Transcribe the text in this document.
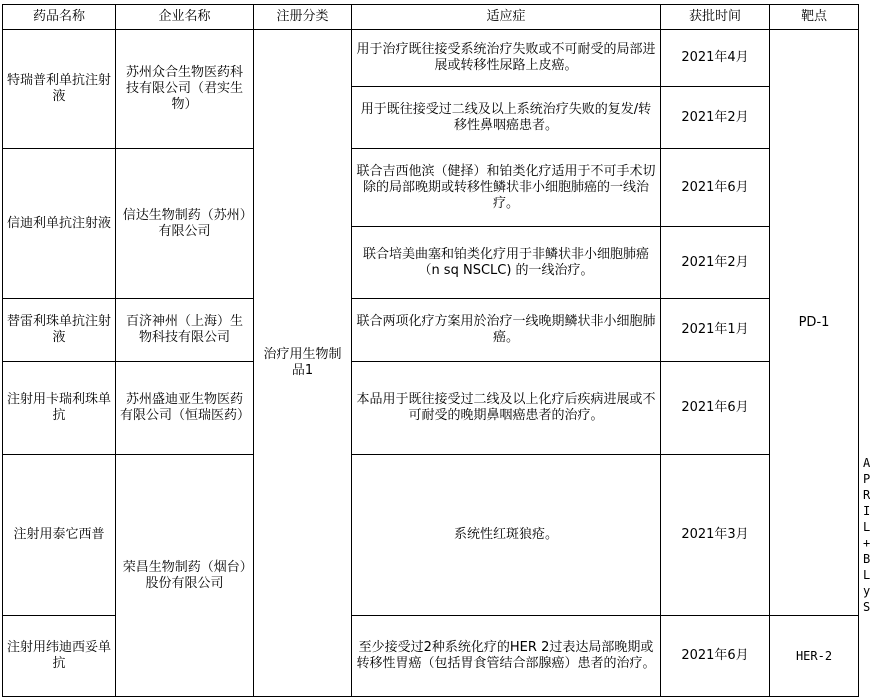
药品名称	企业名称	注册分类	适应症	获批时间	靶点	
特瑞普利单抗注射液	苏州众合生物医药科技有限公司（君实生物）	治疗用生物制品1	用于治疗既往接受系统治疗失败或不可耐受的局部进展或转移性尿路上皮癌。	2021年4月	PD-1	
			用于既往接受过二线及以上系统治疗失败的复发/转移性鼻咽癌患者。	2021年2月		
信迪利单抗注射液	信达生物制药（苏州）有限公司		联合吉西他滨（健择）和铂类化疗适用于不可手术切除的局部晚期或转移性鳞状非小细胞肺癌的一线治疗。	2021年6月		
			联合培美曲塞和铂类化疗用于非鳞状非小细胞肺癌（n sq NSCLC) 的一线治疗。	2021年2月		
替雷利珠单抗注射液	百济神州（上海）生物科技有限公司		联合两项化疗方案用於治疗一线晚期鳞状非小细胞肺癌。	2021年1月		
注射用卡瑞利珠单抗	苏州盛迪亚生物医药有限公司（恒瑞医药）		本品用于既往接受过二线及以上化疗后疾病进展或不可耐受的晚期鼻咽癌患者的治疗。	2021年6月		
注射用泰它西普	荣昌生物制药（烟台）股份有限公司		系统性红斑狼疮。	2021年3月		APRIL+B LyS
注射用纬迪西妥单抗			至少接受过2种系统化疗的HER 2过表达局部晚期或转移性胃癌（包括胃食管结合部腺癌）患者的治疗。	2021年6月	HER-2	
